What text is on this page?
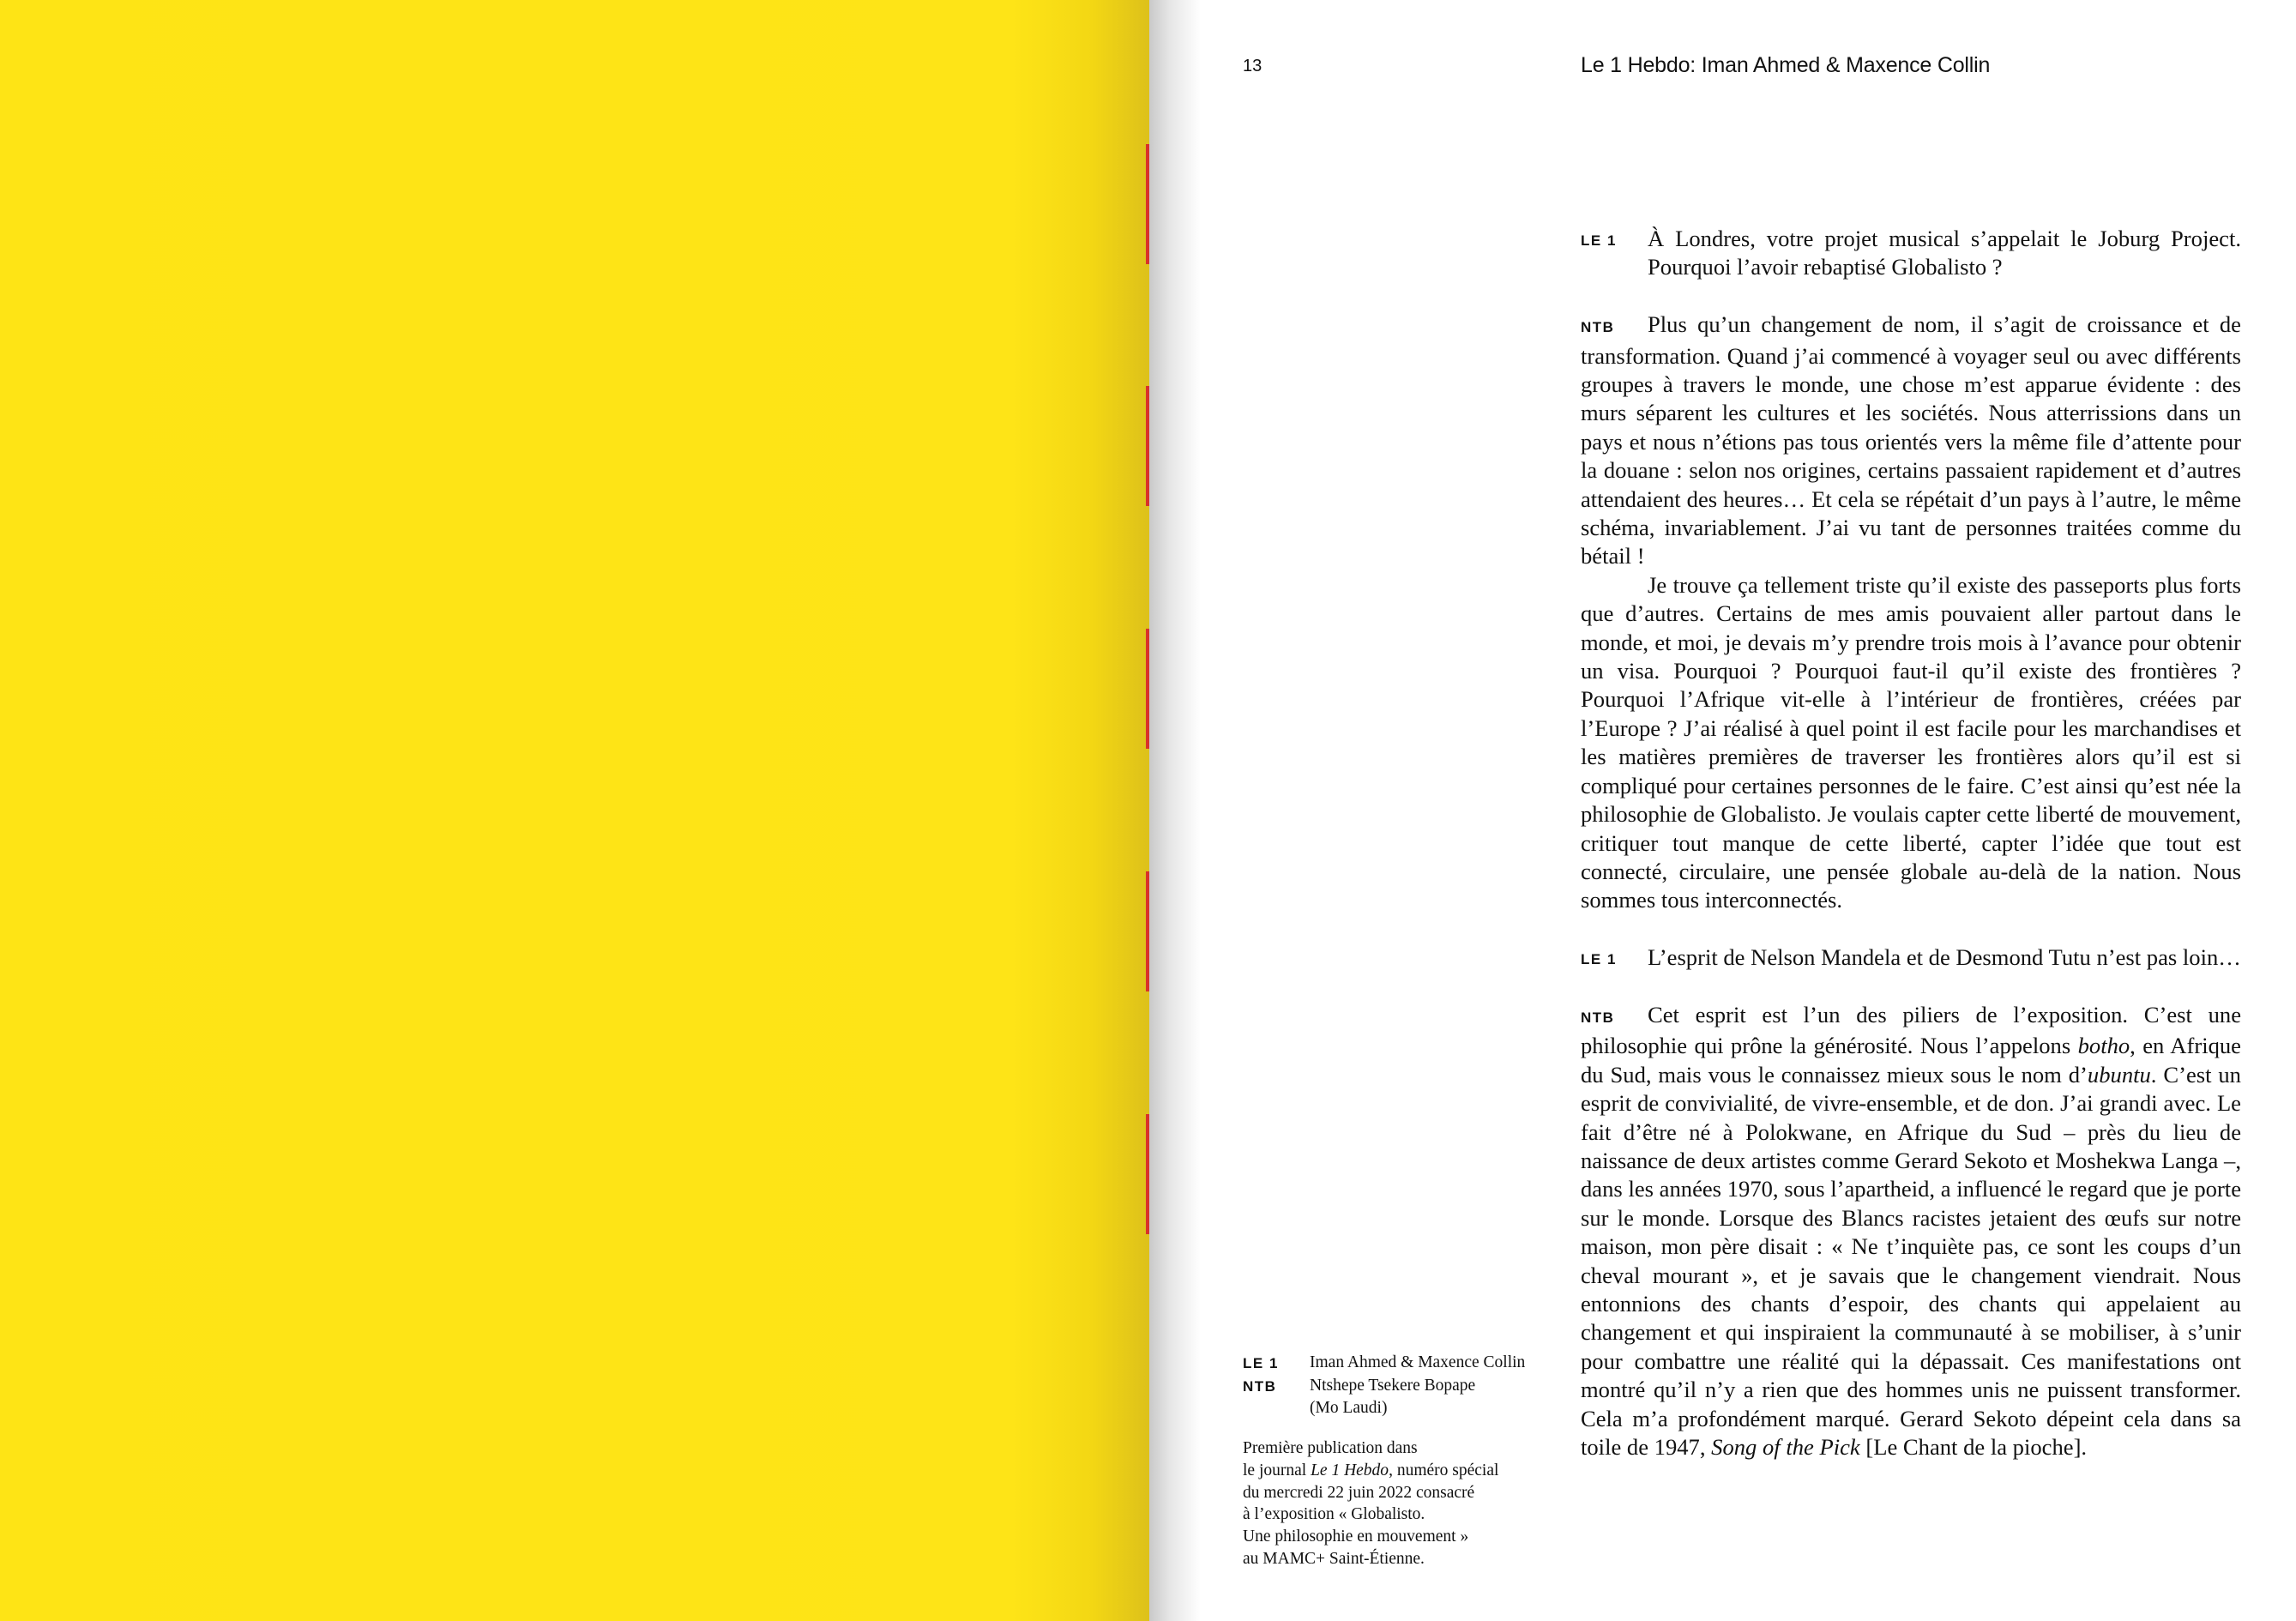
13	Le 1 Hebdo: Iman Ahmed & Maxence Collin

LE 1 À Londres, votre projet musical s’appelait le Joburg Project. Pourquoi l’avoir rebaptisé Globalisto ?

NTB Plus qu’un changement de nom, il s’agit de croissance et de transformation. Quand j’ai commencé à voyager seul ou avec différents groupes à travers le monde, une chose m’est apparue évidente : des murs séparent les cultures et les sociétés. Nous atterrissions dans un pays et nous n’étions pas tous orientés vers la même file d’attente pour la douane : selon nos origines, certains passaient rapidement et d’autres attendaient des heures… Et cela se répétait d’un pays à l’autre, le même schéma, invariablement. J’ai vu tant de personnes traitées comme du bétail !

Je trouve ça tellement triste qu’il existe des passeports plus forts que d’autres. Certains de mes amis pouvaient aller partout dans le monde, et moi, je devais m’y prendre trois mois à l’avance pour obtenir un visa. Pourquoi ? Pourquoi faut-il qu’il existe des frontières ? Pourquoi l’Afrique vit-elle à l’intérieur de frontières, créées par l’Europe ? J’ai réalisé à quel point il est facile pour les marchandises et les matières premières de traverser les frontières alors qu’il est si compliqué pour certaines personnes de le faire. C’est ainsi qu’est née la philosophie de Globalisto. Je voulais capter cette liberté de mouvement, critiquer tout manque de cette liberté, capter l’idée que tout est connecté, circulaire, une pensée globale au-delà de la nation. Nous sommes tous interconnectés.

LE 1 L’esprit de Nelson Mandela et de Desmond Tutu n’est pas loin…

NTB Cet esprit est l’un des piliers de l’exposition. C’est une philosophie qui prône la générosité. Nous l’appelons botho, en Afrique du Sud, mais vous le connaissez mieux sous le nom d’ubuntu. C’est un esprit de convivialité, de vivre-ensemble, et de don. J’ai grandi avec. Le fait d’être né à Polokwane, en Afrique du Sud – près du lieu de naissance de deux artistes comme Gerard Sekoto et Moshekwa Langa –, dans les années 1970, sous l’apartheid, a influencé le regard que je porte sur le monde. Lorsque des Blancs racistes jetaient des œufs sur notre maison, mon père disait : « Ne t’inquiète pas, ce sont les coups d’un cheval mourant », et je savais que le changement viendrait. Nous entonnions des chants d’espoir, des chants qui appelaient au changement et qui inspiraient la communauté à se mobiliser, à s’unir pour combattre une réalité qui la dépassait. Ces manifestations ont montré qu’il n’y a rien que des hommes unis ne puissent transformer. Cela m’a profondément marqué. Gerard Sekoto dépeint cela dans sa toile de 1947, Song of the Pick [Le Chant de la pioche].

LE 1	Iman Ahmed & Maxence Collin
NTB	Ntshepe Tsekere Bopape
(Mo Laudi)
Première publication dans
le journal Le 1 Hebdo, numéro spécial
du mercredi 22 juin 2022 consacré
à l’exposition « Globalisto.
Une philosophie en mouvement »
au MAMC+ Saint-Étienne.
